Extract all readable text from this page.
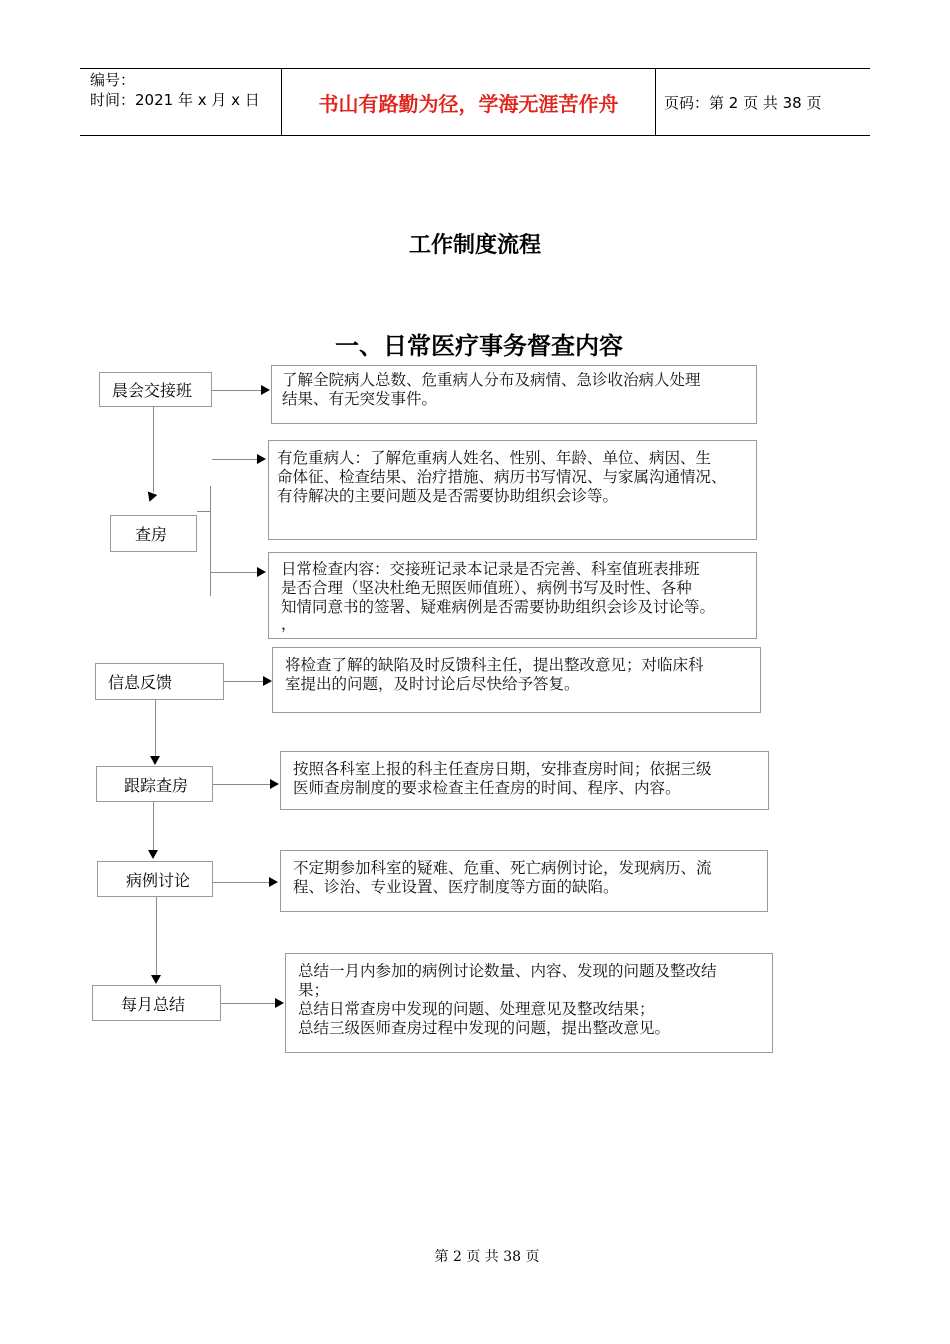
编号：
时间：2021 年 x 月 x 日	书山有路勤为径，学海无涯苦作舟	页码：第 2 页 共 38 页
工作制度流程
一、日常医疗事务督查内容
晨会交接班
查房
信息反馈
跟踪查房
病例讨论
每月总结

了解全院病人总数、危重病人分布及病情、急诊收治病人处理

结果、有无突发事件。

有危重病人：了解危重病人姓名、性别、年龄、单位、病因、生

命体征、检查结果、治疗措施、病历书写情况、与家属沟通情况、

有待解决的主要问题及是否需要协助组织会诊等。

日常检查内容：交接班记录本记录是否完善、科室值班表排班

是否合理（坚决杜绝无照医师值班）、病例书写及时性、各种

知情同意书的签署、疑难病例是否需要协助组织会诊及讨论等。

，

将检查了解的缺陷及时反馈科主任，提出整改意见；对临床科

室提出的问题，及时讨论后尽快给予答复。

按照各科室上报的科主任查房日期，安排查房时间；依据三级

医师查房制度的要求检查主任查房的时间、程序、内容。

不定期参加科室的疑难、危重、死亡病例讨论，发现病历、流

程、诊治、专业设置、医疗制度等方面的缺陷。

总结一月内参加的病例讨论数量、内容、发现的问题及整改结

果；

总结日常查房中发现的问题、处理意见及整改结果；

总结三级医师查房过程中发现的问题，提出整改意见。

第 2 页 共 38 页
